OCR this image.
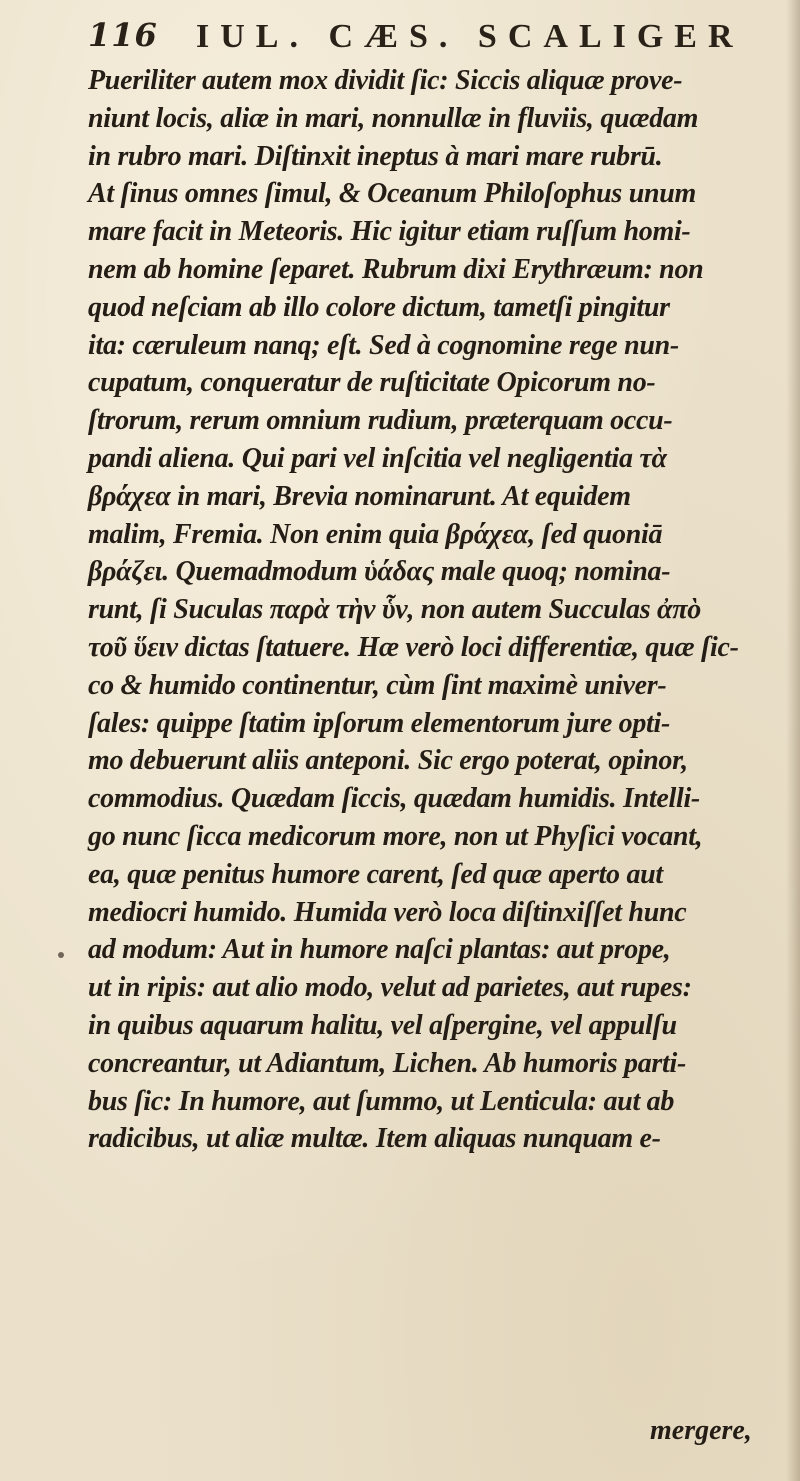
116 IUL. CÆS. SCALIGER
Pueriliter autem mox dividit ſic: Siccis aliquæ prove-
niunt locis, aliæ in mari, nonnullæ in fluviis, quædam
in rubro mari. Diſtinxit ineptus à mari mare rubrū.
At ſinus omnes ſimul, & Oceanum Philoſophus unum
mare facit in Meteoris. Hic igitur etiam ruſſum homi-
nem ab homine ſeparet. Rubrum dixi Erythræum: non
quod neſciam ab illo colore dictum, tametſi pingitur
ita: cæruleum nanq; eſt. Sed à cognomine rege nun-
cupatum, conqueratur de ruſticitate Opicorum no-
ſtrorum, rerum omnium rudium, præterquam occu-
pandi aliena. Qui pari vel inſcitia vel negligentia τὰ
βράχεα in mari, Brevia nominarunt. At equidem
malim, Fremia. Non enim quia βράχεα, ſed quoniā
βράζει. Quemadmodum ὑάδας male quoq; nomina-
runt, ſi Suculas παρὰ τὴν ὗν, non autem Succulas ἀπὸ
τοῦ ὕειν dictas ſtatuere. Hæ verò loci differentiæ, quæ ſic-
co & humido continentur, cùm ſint maximè univer-
ſales: quippe ſtatim ipſorum elementorum jure opti-
mo debuerunt aliis anteponi. Sic ergo poterat, opinor,
commodius. Quædam ſiccis, quædam humidis. Intelli-
go nunc ſicca medicorum more, non ut Phyſici vocant,
ea, quæ penitus humore carent, ſed quæ aperto aut
mediocri humido. Humida verò loca diſtinxiſſet hunc
ad modum: Aut in humore naſci plantas: aut prope,
ut in ripis: aut alio modo, velut ad parietes, aut rupes:
in quibus aquarum halitu, vel aſpergine, vel appulſu
concreantur, ut Adiantum, Lichen. Ab humoris parti-
bus ſic: In humore, aut ſummo, ut Lenticula: aut ab
radicibus, ut aliæ multæ. Item aliquas nunquam e-
mergere,
